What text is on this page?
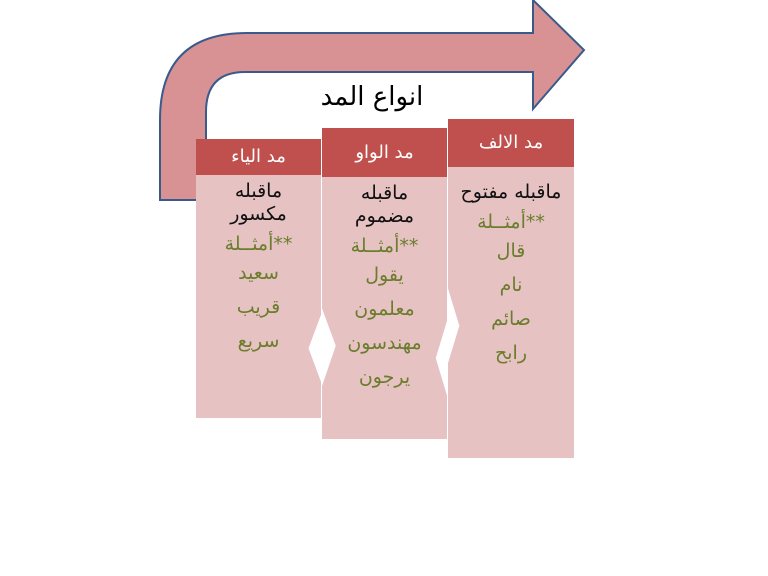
انواع المد
مد الياء
ماقبله
مكسور
**أمثــلة
سعيد
قريب
سريع
مد الواو
ماقبله
مضموم
**أمثــلة
يقول
معلمون
مهندسون
يرجون
مد الالف
ماقبله مفتوح
**أمثــلة
قال
نام
صائم
رابح
